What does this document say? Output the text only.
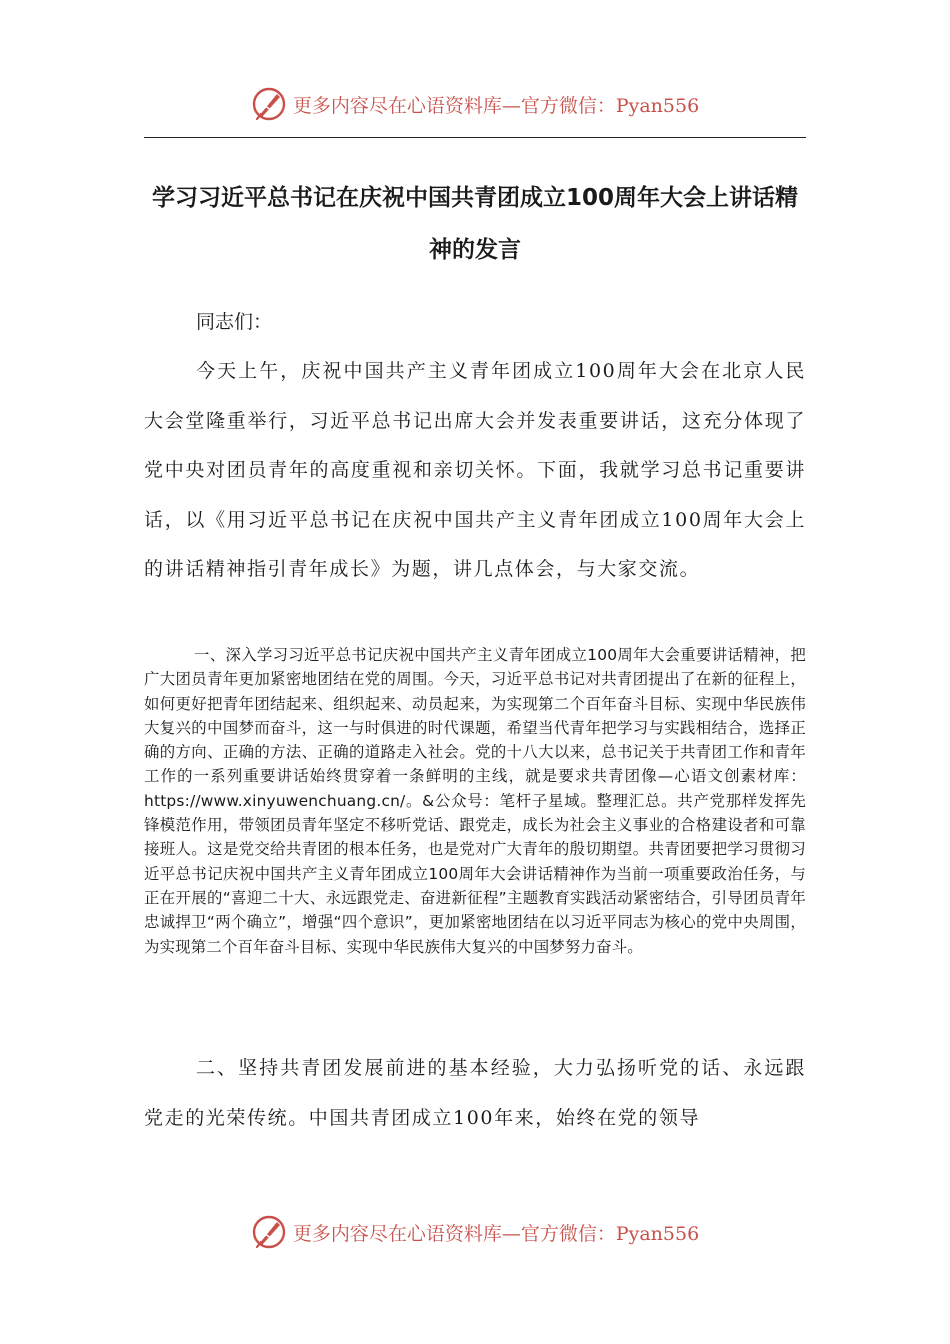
更多内容尽在心语资料库—官方微信：Pyan556
学习习近平总书记在庆祝中国共青团成立100周年大会上讲话精神的发言

同志们：

今天上午，庆祝中国共产主义青年团成立100周年大会在北京人民大会堂隆重举行，习近平总书记出席大会并发表重要讲话，这充分体现了党中央对团员青年的高度重视和亲切关怀。下面，我就学习总书记重要讲话，以《用习近平总书记在庆祝中国共产主义青年团成立100周年大会上的讲话精神指引青年成长》为题，讲几点体会，与大家交流。

一、深入学习习近平总书记庆祝中国共产主义青年团成立100周年大会重要讲话精神，把广大团员青年更加紧密地团结在党的周围。今天，习近平总书记对共青团提出了在新的征程上，如何更好把青年团结起来、组织起来、动员起来，为实现第二个百年奋斗目标、实现中华民族伟大复兴的中国梦而奋斗，这一与时俱进的时代课题，希望当代青年把学习与实践相结合，选择正确的方向、正确的方法、正确的道路走入社会。党的十八大以来，总书记关于共青团工作和青年工作的一系列重要讲话始终贯穿着一条鲜明的主线，就是要求共青团像—心语文创素材库：https://www.xinyuwenchuang.cn/。&公众号：笔杆子星域。整理汇总。共产党那样发挥先锋模范作用，带领团员青年坚定不移听党话、跟党走，成长为社会主义事业的合格建设者和可靠接班人。这是党交给共青团的根本任务，也是党对广大青年的殷切期望。共青团要把学习贯彻习近平总书记庆祝中国共产主义青年团成立100周年大会讲话精神作为当前一项重要政治任务，与正在开展的“喜迎二十大、永远跟党走、奋进新征程”主题教育实践活动紧密结合，引导团员青年忠诚捍卫“两个确立”，增强“四个意识”，更加紧密地团结在以习近平同志为核心的党中央周围，为实现第二个百年奋斗目标、实现中华民族伟大复兴的中国梦努力奋斗。

二、坚持共青团发展前进的基本经验，大力弘扬听党的话、永远跟党走的光荣传统。中国共青团成立100年来，始终在党的领导

更多内容尽在心语资料库—官方微信：Pyan556
